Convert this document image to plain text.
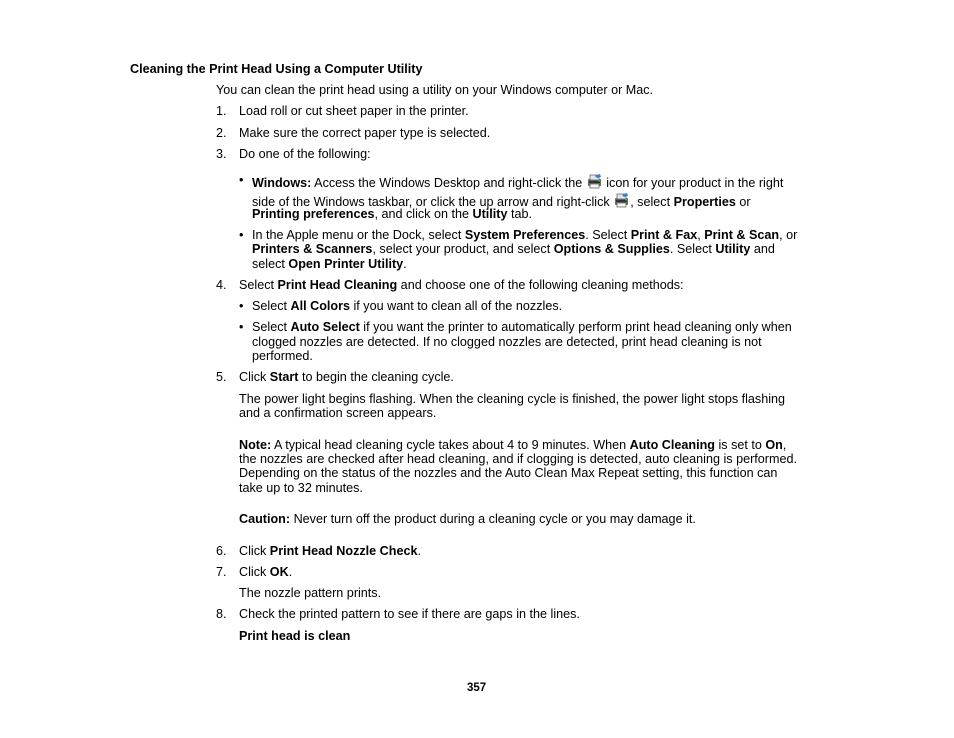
Cleaning the Print Head Using a Computer Utility
You can clean the print head using a utility on your Windows computer or Mac.
1. Load roll or cut sheet paper in the printer.
2. Make sure the correct paper type is selected.
3. Do one of the following:
• Windows: Access the Windows Desktop and right-click the  icon for your product in the right
side of the Windows taskbar, or click the up arrow and right-click , select Properties or
Printing preferences, and click on the Utility tab.
• In the Apple menu or the Dock, select System Preferences. Select Print & Fax, Print & Scan, or
Printers & Scanners, select your product, and select Options & Supplies. Select Utility and
select Open Printer Utility.
4. Select Print Head Cleaning and choose one of the following cleaning methods:
• Select All Colors if you want to clean all of the nozzles.
• Select Auto Select if you want the printer to automatically perform print head cleaning only when
clogged nozzles are detected. If no clogged nozzles are detected, print head cleaning is not
performed.
5. Click Start to begin the cleaning cycle.
The power light begins flashing. When the cleaning cycle is finished, the power light stops flashing
and a confirmation screen appears.
Note: A typical head cleaning cycle takes about 4 to 9 minutes. When Auto Cleaning is set to On,
the nozzles are checked after head cleaning, and if clogging is detected, auto cleaning is performed.
Depending on the status of the nozzles and the Auto Clean Max Repeat setting, this function can
take up to 32 minutes.
Caution: Never turn off the product during a cleaning cycle or you may damage it.
6. Click Print Head Nozzle Check.
7. Click OK.
The nozzle pattern prints.
8. Check the printed pattern to see if there are gaps in the lines.
Print head is clean
357
